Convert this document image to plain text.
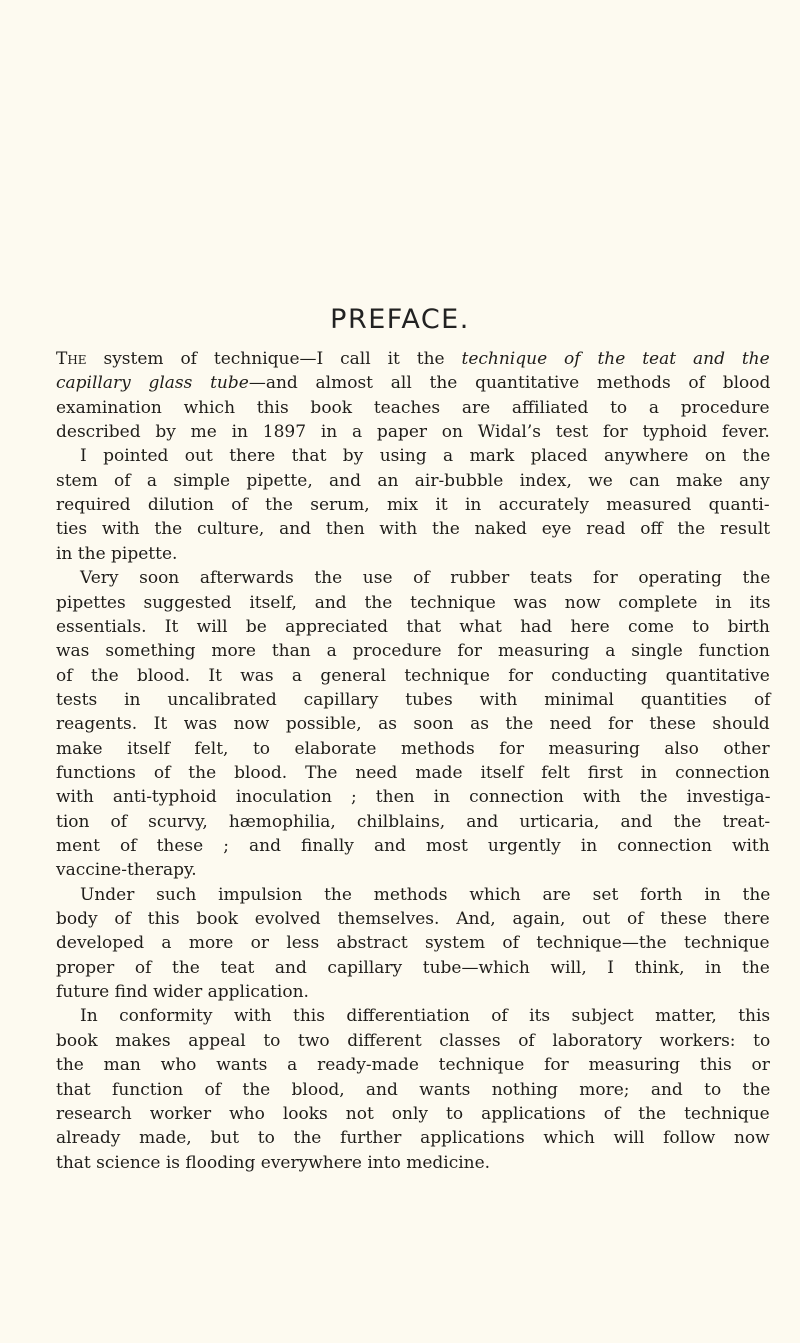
PREFACE.
The system of technique—I call it the technique of the teat and the
capillary glass tube—and almost all the quantitative methods of blood
examination which this book teaches are affiliated to a procedure
described by me in 1897 in a paper on Widal’s test for typhoid fever.
I pointed out there that by using a mark placed anywhere on the
stem of a simple pipette, and an air-bubble index, we can make any
required dilution of the serum, mix it in accurately measured quanti-
ties with the culture, and then with the naked eye read off the result
in the pipette.
Very soon afterwards the use of rubber teats for operating the
pipettes suggested itself, and the technique was now complete in its
essentials. It will be appreciated that what had here come to birth
was something more than a procedure for measuring a single function
of the blood. It was a general technique for conducting quantitative
tests in uncalibrated capillary tubes with minimal quantities of
reagents. It was now possible, as soon as the need for these should
make itself felt, to elaborate methods for measuring also other
functions of the blood. The need made itself felt first in connection
with anti-typhoid inoculation ; then in connection with the investiga-
tion of scurvy, hæmophilia, chilblains, and urticaria, and the treat-
ment of these ; and finally and most urgently in connection with
vaccine-therapy.
Under such impulsion the methods which are set forth in the
body of this book evolved themselves. And, again, out of these there
developed a more or less abstract system of technique—the technique
proper of the teat and capillary tube—which will, I think, in the
future find wider application.
In conformity with this differentiation of its subject matter, this
book makes appeal to two different classes of laboratory workers: to
the man who wants a ready-made technique for measuring this or
that function of the blood, and wants nothing more; and to the
research worker who looks not only to applications of the technique
already made, but to the further applications which will follow now
that science is flooding everywhere into medicine.
